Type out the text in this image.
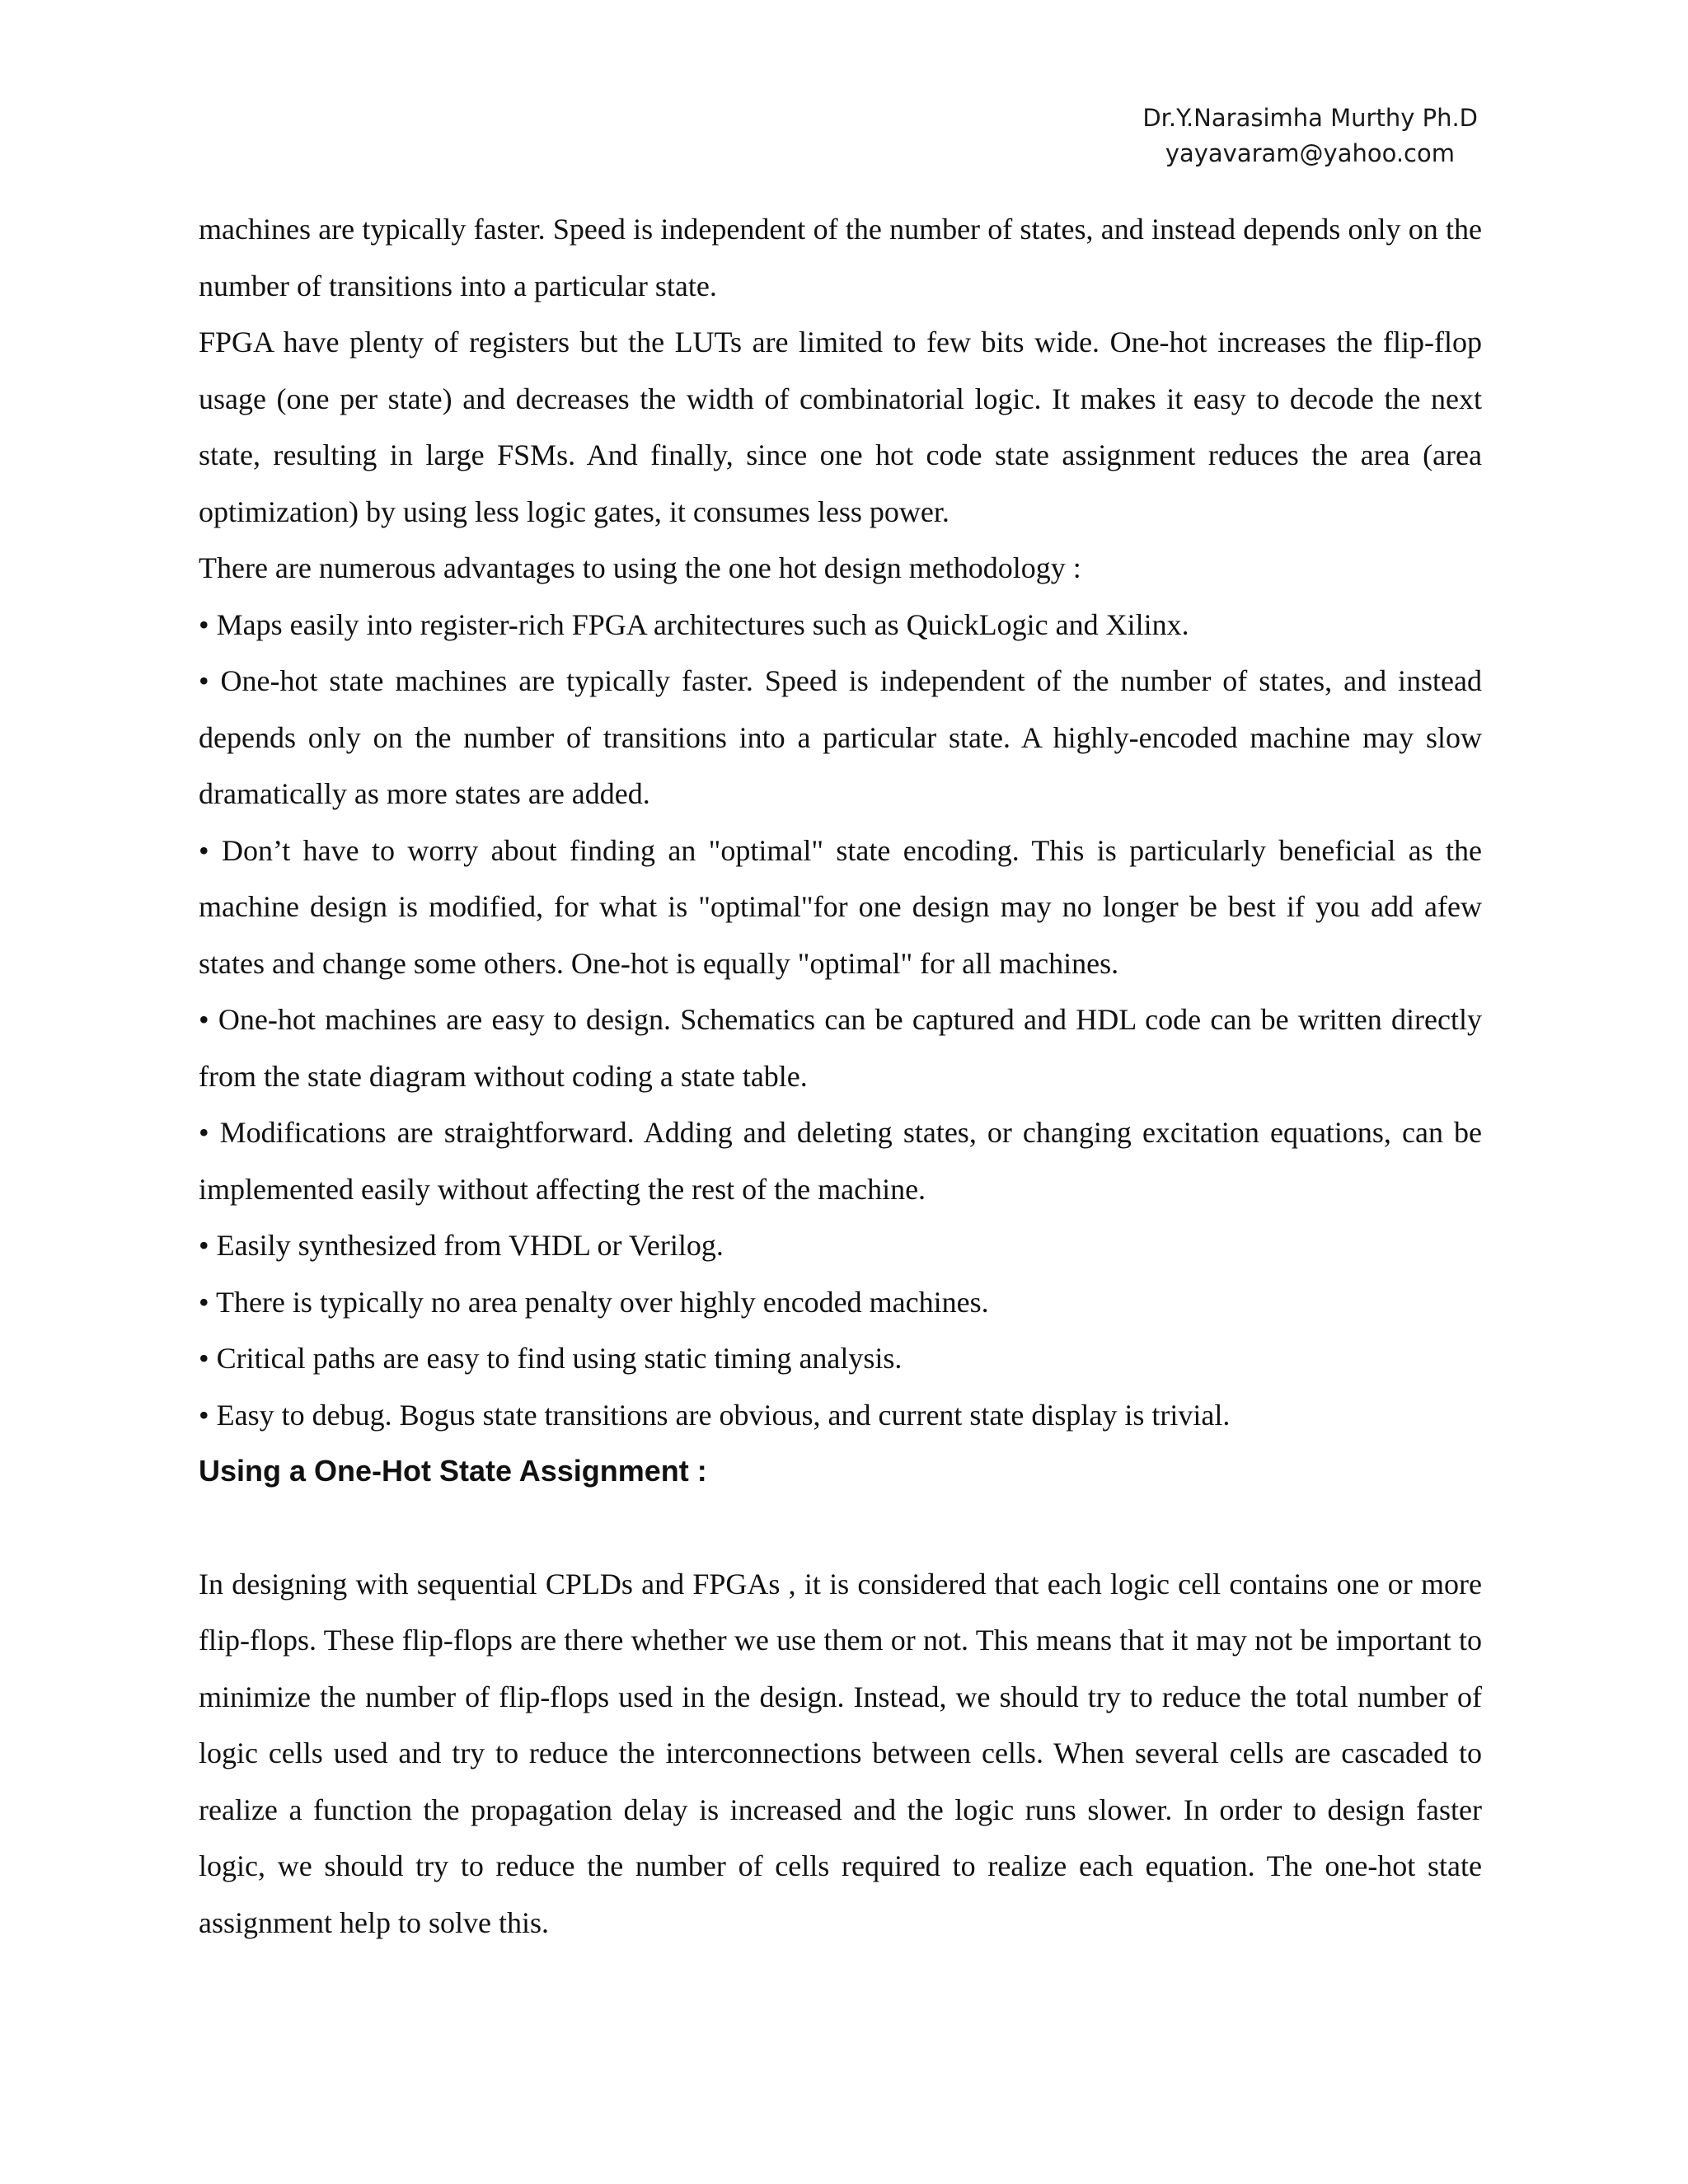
Dr.Y.Narasimha Murthy Ph.D
yayavaram@yahoo.com

machines are typically faster. Speed is independent of the number of states, and instead depends only on the number of transitions into a particular state.

FPGA have plenty of registers but the LUTs are limited to few bits wide. One-hot increases the flip-flop usage (one per state) and decreases the width of combinatorial logic. It makes it easy to decode the next state, resulting in large FSMs. And finally, since one hot code state assignment reduces the area (area optimization) by using less logic gates, it consumes less power.

There are numerous advantages to using the one hot design methodology :

• Maps easily into register-rich FPGA architectures such as QuickLogic and Xilinx.

• One-hot state machines are typically faster. Speed is independent of the number of states, and instead depends only on the number of transitions into a particular state. A highly-encoded machine may slow dramatically as more states are added.

• Don’t have to worry about finding an "optimal" state encoding. This is particularly beneficial as the machine design is modified, for what is "optimal"for one design may no longer be best if you add afew states and change some others. One-hot is equally "optimal" for all machines.

• One-hot machines are easy to design. Schematics can be captured and HDL code can be written directly from the state diagram without coding a state table.

• Modifications are straightforward. Adding and deleting states, or changing excitation equations, can be implemented easily without affecting the rest of the machine.

• Easily synthesized from VHDL or Verilog.

• There is typically no area penalty over highly encoded machines.

• Critical paths are easy to find using static timing analysis.

• Easy to debug. Bogus state transitions are obvious, and current state display is trivial.

Using a One-Hot State Assignment :

In designing with sequential CPLDs and FPGAs , it is considered that each logic cell contains one or more flip-flops. These flip-flops are there whether we use them or not. This means that it may not be important to minimize the number of flip-flops used in the design. Instead, we should try to reduce the total number of logic cells used and try to reduce the interconnections between cells. When several cells are cascaded to realize a function the propagation delay is increased and the logic runs slower. In order to design faster logic, we should try to reduce the number of cells required to realize each equation. The one-hot state assignment help to solve this.
